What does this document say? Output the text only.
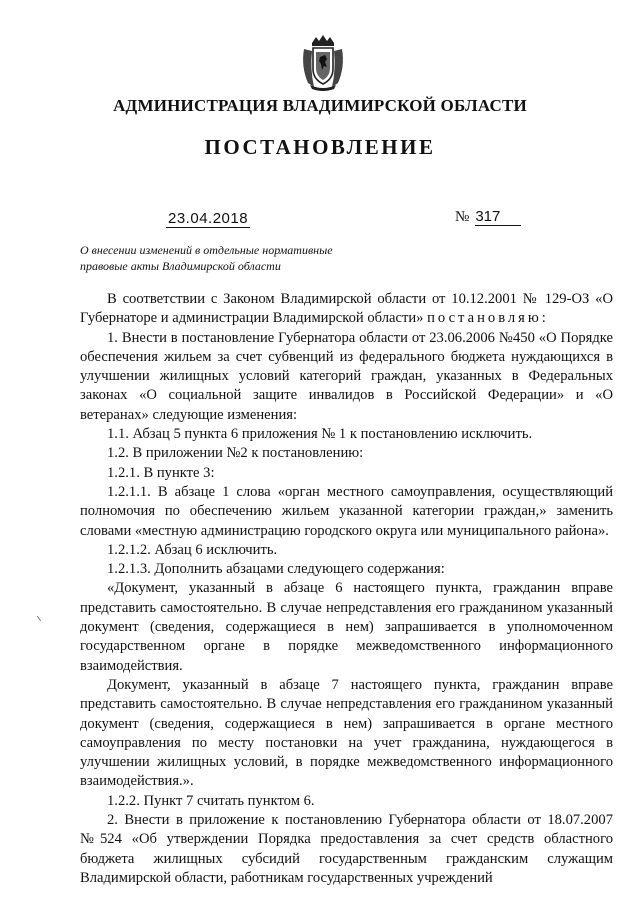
АДМИНИСТРАЦИЯ ВЛАДИМИРСКОЙ ОБЛАСТИ
ПОСТАНОВЛЕНИЕ
23.04.2018	№ 317
О внесении изменений в отдельные нормативные
правовые акты Владимирской области

В соответствии с Законом Владимирской области от 10.12.2001 № 129-ОЗ «О Губернаторе и администрации Владимирской области» постановляю:

1. Внести в постановление Губернатора области от 23.06.2006 №450 «О Порядке обеспечения жильем за счет субвенций из федерального бюджета нуждающихся в улучшении жилищных условий категорий граждан, указанных в Федеральных законах «О социальной защите инвалидов в Российской Федерации» и «О ветеранах» следующие изменения:

1.1. Абзац 5 пункта 6 приложения № 1 к постановлению исключить.

1.2. В приложении №2 к постановлению:

1.2.1. В пункте 3:

1.2.1.1. В абзаце 1 слова «орган местного самоуправления, осуществляющий полномочия по обеспечению жильем указанной категории граждан,» заменить словами «местную администрацию городского округа или муниципального района».

1.2.1.2. Абзац 6 исключить.

1.2.1.3. Дополнить абзацами следующего содержания:

«Документ, указанный в абзаце 6 настоящего пункта, гражданин вправе представить самостоятельно. В случае непредставления его гражданином указанный документ (сведения, содержащиеся в нем) запрашивается в уполномоченном государственном органе в порядке межведомственного информационного взаимодействия.

Документ, указанный в абзаце 7 настоящего пункта, гражданин вправе представить самостоятельно. В случае непредставления его гражданином указанный документ (сведения, содержащиеся в нем) запрашивается в органе местного самоуправления по месту постановки на учет гражданина, нуждающегося в улучшении жилищных условий, в порядке межведомственного информационного взаимодействия.».

1.2.2. Пункт 7 считать пунктом 6.

2. Внести в приложение к постановлению Губернатора области от 18.07.2007 №524 «Об утверждении Порядка предоставления за счет средств областного бюджета жилищных субсидий государственным гражданским служащим Владимирской области, работникам государственных учреждений
